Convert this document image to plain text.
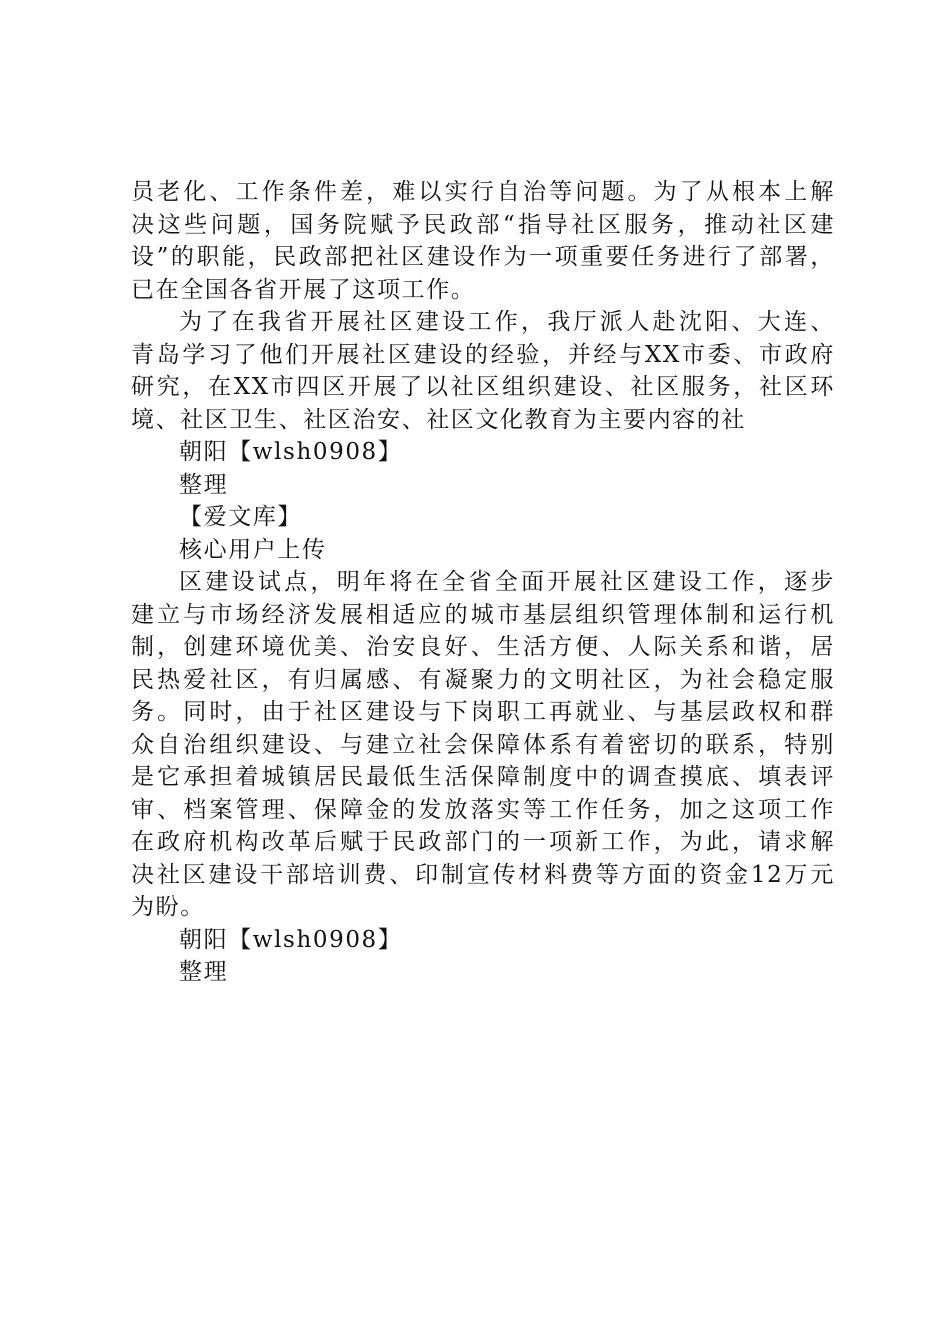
员老化、工作条件差，难以实行自治等问题。为了从根本上解
决这些问题，国务院赋予民政部“指导社区服务，推动社区建
设”的职能，民政部把社区建设作为一项重要任务进行了部署，
已在全国各省开展了这项工作。
为了在我省开展社区建设工作，我厅派人赴沈阳、大连、
青岛学习了他们开展社区建设的经验，并经与XX市委、市政府
研究，在XX市四区开展了以社区组织建设、社区服务，社区环
境、社区卫生、社区治安、社区文化教育为主要内容的社
朝阳【wlsh0908】
整理
【爱文库】
核心用户上传
区建设试点，明年将在全省全面开展社区建设工作，逐步
建立与市场经济发展相适应的城市基层组织管理体制和运行机
制，创建环境优美、治安良好、生活方便、人际关系和谐，居
民热爱社区，有归属感、有凝聚力的文明社区，为社会稳定服
务。同时，由于社区建设与下岗职工再就业、与基层政权和群
众自治组织建设、与建立社会保障体系有着密切的联系，特别
是它承担着城镇居民最低生活保障制度中的调查摸底、填表评
审、档案管理、保障金的发放落实等工作任务，加之这项工作
在政府机构改革后赋于民政部门的一项新工作，为此，请求解
决社区建设干部培训费、印制宣传材料费等方面的资金12万元
为盼。
朝阳【wlsh0908】
整理
